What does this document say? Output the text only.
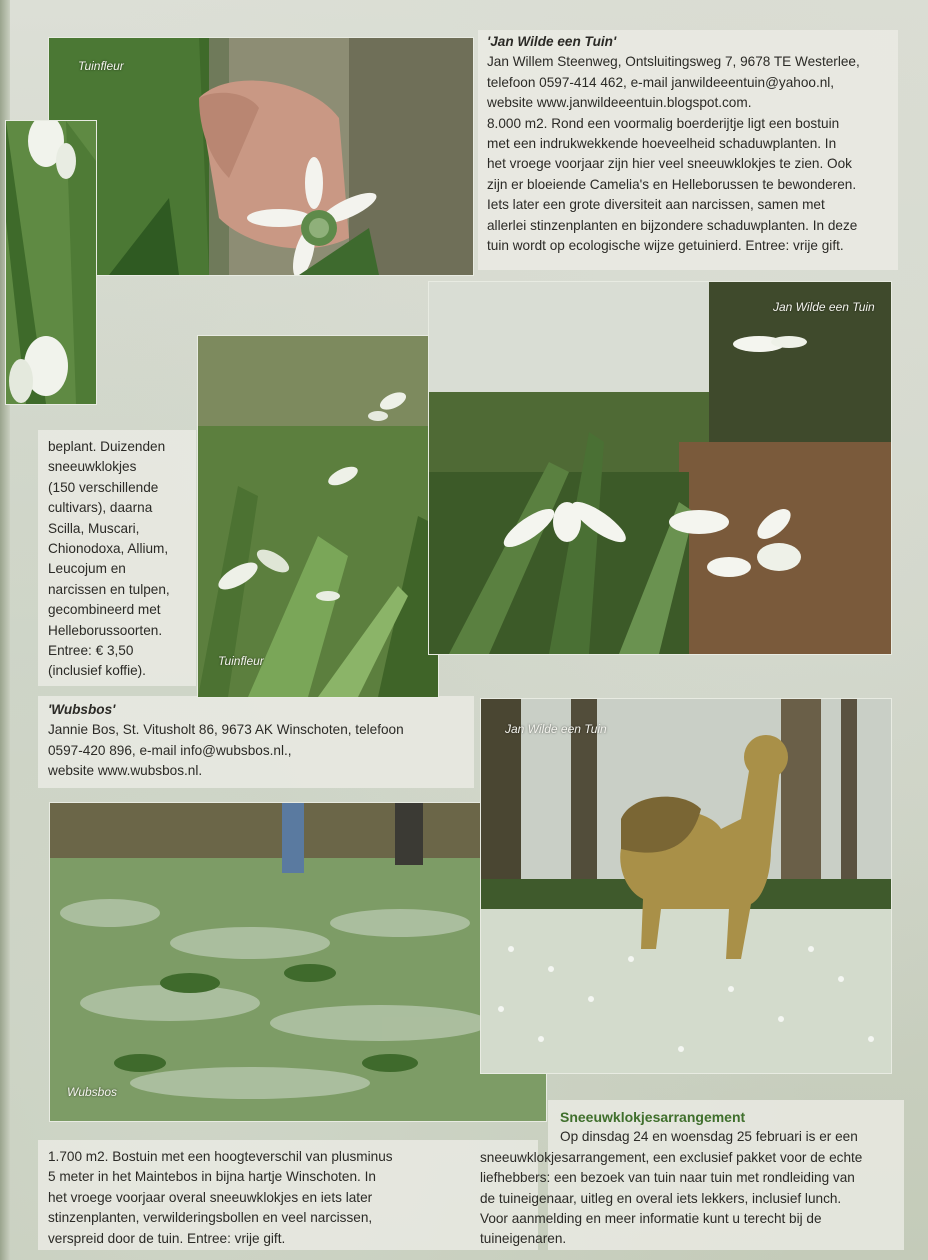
'Jan Wilde een Tuin'

Jan Willem Steenweg, Ontsluitingsweg 7, 9678 TE Westerlee,

telefoon 0597-414 462, e-mail janwildeeentuin@yahoo.nl,

website www.janwildeeentuin.blogspot.com.

8.000 m2. Rond een voormalig boerderijtje ligt een bostuin

met een indrukwekkende hoeveelheid schaduwplanten. In

het vroege voorjaar zijn hier veel sneeuwklokjes te zien. Ook

zijn er bloeiende Camelia's en Helleborussen te bewonderen.

Iets later een grote diversiteit aan narcissen, samen met

allerlei stinzenplanten en bijzondere schaduwplanten. In deze

tuin wordt op ecologische wijze getuinierd. Entree: vrije gift.

beplant. Duizenden

sneeuwklokjes

(150 verschillende

cultivars), daarna

Scilla, Muscari,

Chionodoxa, Allium,

Leucojum en

narcissen en tulpen,

gecombineerd met

Helleborussoorten.

Entree: € 3,50

(inclusief koffie).

'Wubsbos'

Jannie Bos, St. Vitusholt 86, 9673 AK Winschoten, telefoon

0597-420 896, e-mail info@wubsbos.nl.,

website www.wubsbos.nl.

1.700 m2. Bostuin met een hoogteverschil van plusminus

5 meter in het Maintebos in bijna hartje Winschoten. In

het vroege voorjaar overal sneeuwklokjes en iets later

stinzenplanten, verwilderingsbollen en veel narcissen,

verspreid door de tuin. Entree: vrije gift.

Sneeuwklokjesarrangement

Op dinsdag 24 en woensdag 25 februari is er een

sneeuwklokjesarrangement, een exclusief pakket voor de echte

liefhebbers: een bezoek van tuin naar tuin met rondleiding van

de tuineigenaar, uitleg en overal iets lekkers, inclusief lunch.

Voor aanmelding en meer informatie kunt u terecht bij de

tuineigenaren.

Tuinfleur
Tuinfleur
Jan Wilde een Tuin
Wubsbos
Jan Wilde een Tuin
